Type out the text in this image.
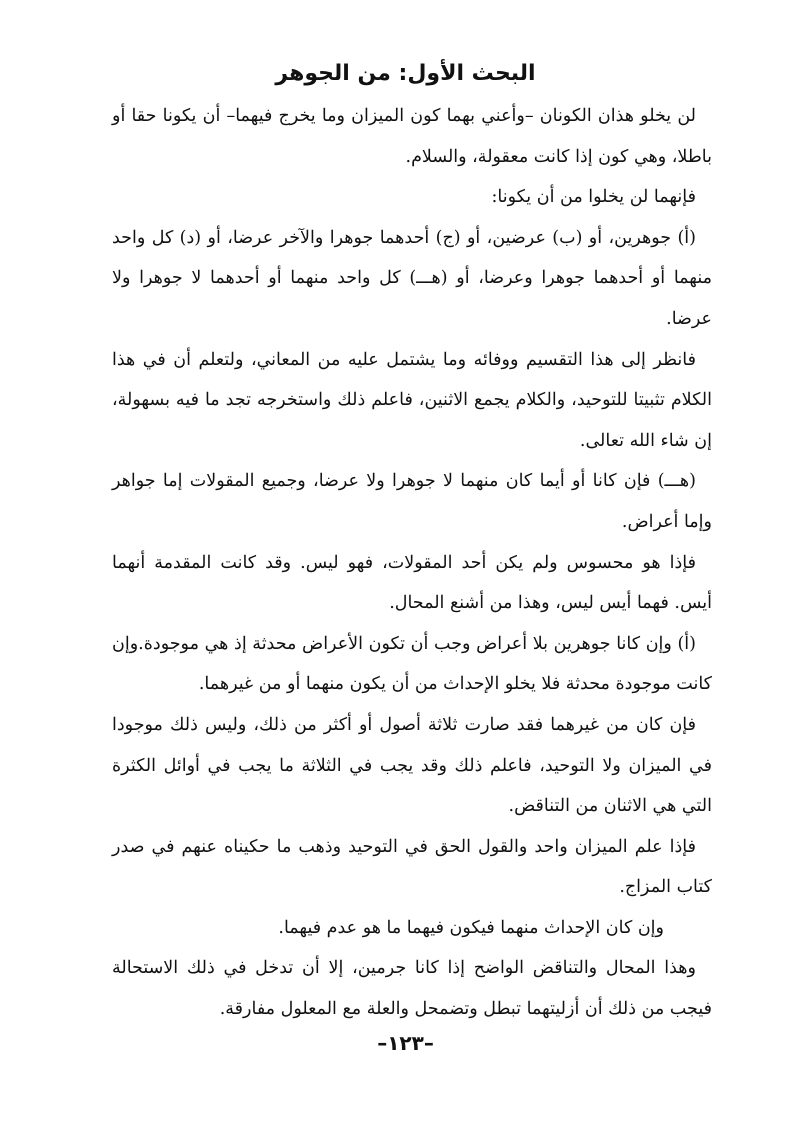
البحث الأول: من الجوهر

لن يخلو هذان الكونان –وأعني بهما كون الميزان وما يخرج فيهما– أن يكونا حقا أو باطلا، وهي كون إذا كانت معقولة، والسلام.

فإنهما لن يخلوا من أن يكونا:

(أ) جوهرين، أو (ب) عرضين، أو (ج) أحدهما جوهرا والآخر عرضا، أو (د) كل واحد منهما أو أحدهما جوهرا وعرضا، أو (هـــ) كل واحد منهما أو أحدهما لا جوهرا ولا عرضا.

فانظر إلى هذا التقسيم ووفائه وما يشتمل عليه من المعاني، ولتعلم أن في هذا الكلام تثبيتا للتوحيد، والكلام يجمع الاثنين، فاعلم ذلك واستخرجه تجد ما فيه بسهولة، إن شاء الله تعالى.

(هـــ) فإن كانا أو أيما كان منهما لا جوهرا ولا عرضا، وجميع المقولات إما جواهر وإما أعراض.

فإذا هو محسوس ولم يكن أحد المقولات، فهو ليس. وقد كانت المقدمة أنهما أيس. فهما أيس ليس، وهذا من أشنع المحال.

(أ) وإن كانا جوهرين بلا أعراض وجب أن تكون الأعراض محدثة إذ هي موجودة.وإن كانت موجودة محدثة فلا يخلو الإحداث من أن يكون منهما أو من غيرهما.

فإن كان من غيرهما فقد صارت ثلاثة أصول أو أكثر من ذلك، وليس ذلك موجودا في الميزان ولا التوحيد، فاعلم ذلك وقد يجب في الثلاثة ما يجب في أوائل الكثرة التي هي الاثنان من التناقض.

فإذا علم الميزان واحد والقول الحق في التوحيد وذهب ما حكيناه عنهم في صدر كتاب المزاج.

وإن كان الإحداث منهما فيكون فيهما ما هو عدم فيهما.

وهذا المحال والتناقض الواضح إذا كانا جرمين، إلا أن تدخل في ذلك الاستحالة فيجب من ذلك أن أزليتهما تبطل وتضمحل والعلة مع المعلول مفارقة.

–١٢٣–
